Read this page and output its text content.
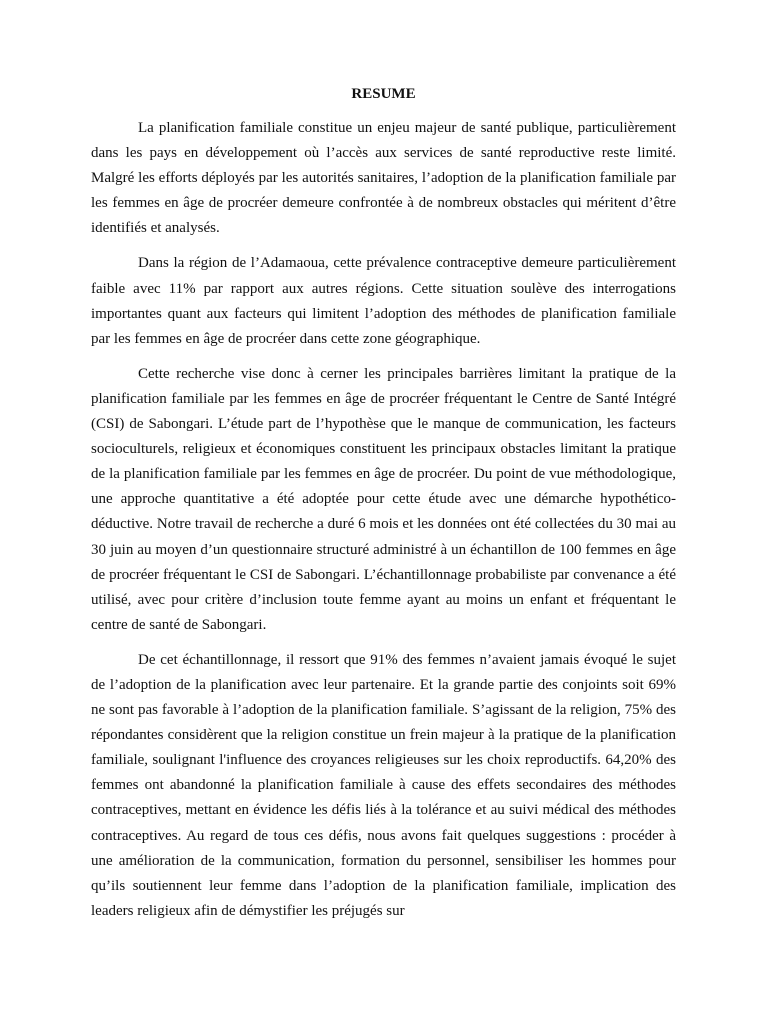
RESUME

La planification familiale constitue un enjeu majeur de santé publique, particulièrement dans les pays en développement où l’accès aux services de santé reproductive reste limité. Malgré les efforts déployés par les autorités sanitaires, l’adoption de la planification familiale par les femmes en âge de procréer demeure confrontée à de nombreux obstacles qui méritent d’être identifiés et analysés.

Dans la région de l’Adamaoua, cette prévalence contraceptive demeure particulièrement faible avec 11% par rapport aux autres régions. Cette situation soulève des interrogations importantes quant aux facteurs qui limitent l’adoption des méthodes de planification familiale par les femmes en âge de procréer dans cette zone géographique.

Cette recherche vise donc à cerner les principales barrières limitant la pratique de la planification familiale par les femmes en âge de procréer fréquentant le Centre de Santé Intégré (CSI) de Sabongari. L’étude part de l’hypothèse que le manque de communication, les facteurs socioculturels, religieux et économiques constituent les principaux obstacles limitant la pratique de la planification familiale par les femmes en âge de procréer. Du point de vue méthodologique, une approche quantitative a été adoptée pour cette étude avec une démarche hypothético-déductive. Notre travail de recherche a duré 6 mois et les données ont été collectées du 30 mai au 30 juin au moyen d’un questionnaire structuré administré à un échantillon de 100 femmes en âge de procréer fréquentant le CSI de Sabongari. L’échantillonnage probabiliste par convenance a été utilisé, avec pour critère d’inclusion toute femme ayant au moins un enfant et fréquentant le centre de santé de Sabongari.

De cet échantillonnage, il ressort que 91% des femmes n’avaient jamais évoqué le sujet de l’adoption de la planification avec leur partenaire. Et la grande partie des conjoints soit 69% ne sont pas favorable à l’adoption de la planification familiale. S’agissant de la religion, 75% des répondantes considèrent que la religion constitue un frein majeur à la pratique de la planification familiale, soulignant l'influence des croyances religieuses sur les choix reproductifs. 64,20% des femmes ont abandonné la planification familiale à cause des effets secondaires des méthodes contraceptives, mettant en évidence les défis liés à la tolérance et au suivi médical des méthodes contraceptives. Au regard de tous ces défis, nous avons fait quelques suggestions : procéder à une amélioration de la communication, formation du personnel, sensibiliser les hommes pour qu’ils soutiennent leur femme dans l’adoption de la planification familiale, implication des leaders religieux afin de démystifier les préjugés sur
